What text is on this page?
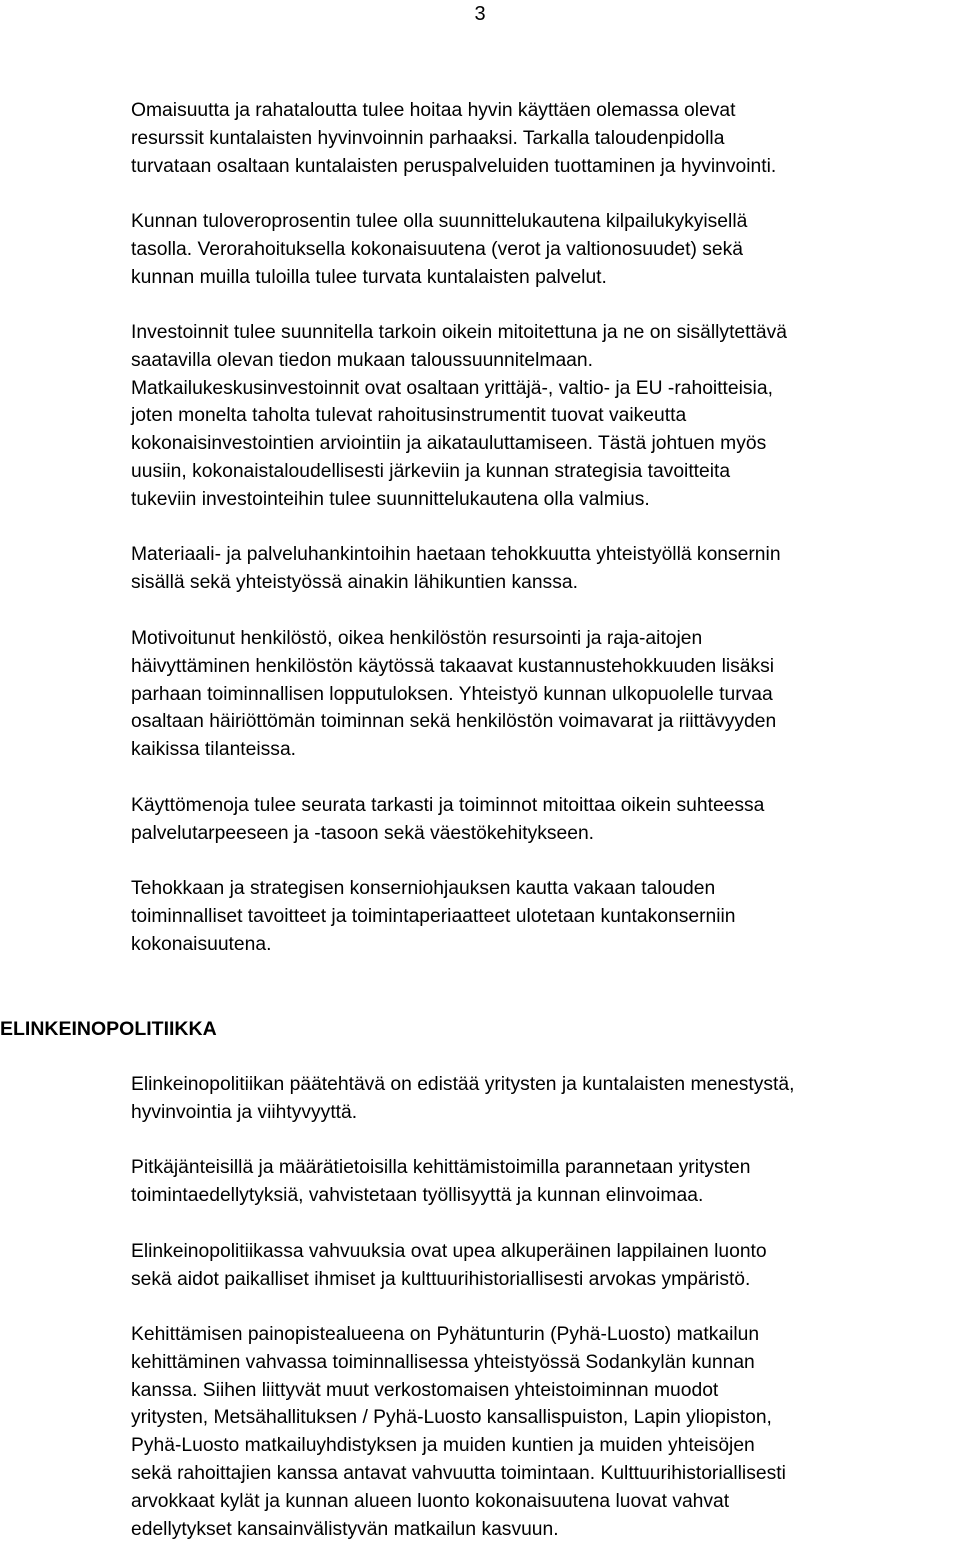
3

Omaisuutta ja rahataloutta tulee hoitaa hyvin käyttäen olemassa olevat
resurssit kuntalaisten hyvinvoinnin parhaaksi. Tarkalla taloudenpidolla
turvataan osaltaan kuntalaisten peruspalveluiden tuottaminen ja hyvinvointi.

Kunnan tuloveroprosentin tulee olla suunnittelukautena kilpailukykyisellä
tasolla. Verorahoituksella kokonaisuutena (verot ja valtionosuudet) sekä
kunnan muilla tuloilla tulee turvata kuntalaisten palvelut.

Investoinnit tulee suunnitella tarkoin oikein mitoitettuna ja ne on sisällytettävä
saatavilla olevan tiedon mukaan taloussuunnitelmaan.
Matkailukeskusinvestoinnit ovat osaltaan yrittäjä-, valtio- ja EU -rahoitteisia,
joten monelta taholta tulevat rahoitusinstrumentit tuovat vaikeutta
kokonaisinvestointien arviointiin ja aikatauluttamiseen. Tästä johtuen myös
uusiin, kokonaistaloudellisesti järkeviin ja kunnan strategisia tavoitteita
tukeviin investointeihin tulee suunnittelukautena olla valmius.

Materiaali- ja palveluhankintoihin haetaan tehokkuutta yhteistyöllä konsernin
sisällä sekä yhteistyössä ainakin lähikuntien kanssa.

Motivoitunut henkilöstö, oikea henkilöstön resursointi ja raja-aitojen
häivyttäminen henkilöstön käytössä takaavat kustannustehokkuuden lisäksi
parhaan toiminnallisen lopputuloksen. Yhteistyö kunnan ulkopuolelle turvaa
osaltaan häiriöttömän toiminnan sekä henkilöstön voimavarat ja riittävyyden
kaikissa tilanteissa.

Käyttömenoja tulee seurata tarkasti ja toiminnot mitoittaa oikein suhteessa
palvelutarpeeseen ja -tasoon sekä väestökehitykseen.

Tehokkaan ja strategisen konserniohjauksen kautta vakaan talouden
toiminnalliset tavoitteet ja toimintaperiaatteet ulotetaan kuntakonserniin
kokonaisuutena.

ELINKEINOPOLITIIKKA

Elinkeinopolitiikan päätehtävä on edistää yritysten ja kuntalaisten menestystä,
hyvinvointia ja viihtyvyyttä.

Pitkäjänteisillä ja määrätietoisilla kehittämistoimilla parannetaan yritysten
toimintaedellytyksiä, vahvistetaan työllisyyttä ja kunnan elinvoimaa.

Elinkeinopolitiikassa vahvuuksia ovat upea alkuperäinen lappilainen luonto
sekä aidot paikalliset ihmiset ja kulttuurihistoriallisesti arvokas ympäristö.

Kehittämisen painopistealueena on Pyhätunturin (Pyhä-Luosto) matkailun
kehittäminen vahvassa toiminnallisessa yhteistyössä Sodankylän kunnan
kanssa. Siihen liittyvät muut verkostomaisen yhteistoiminnan muodot
yritysten, Metsähallituksen / Pyhä-Luosto kansallispuiston, Lapin yliopiston,
Pyhä-Luosto matkailuyhdistyksen ja muiden kuntien ja muiden yhteisöjen
sekä rahoittajien kanssa antavat vahvuutta toimintaan. Kulttuurihistoriallisesti
arvokkaat kylät ja kunnan alueen luonto kokonaisuutena luovat vahvat
edellytykset kansainvälistyvän matkailun kasvuun.
